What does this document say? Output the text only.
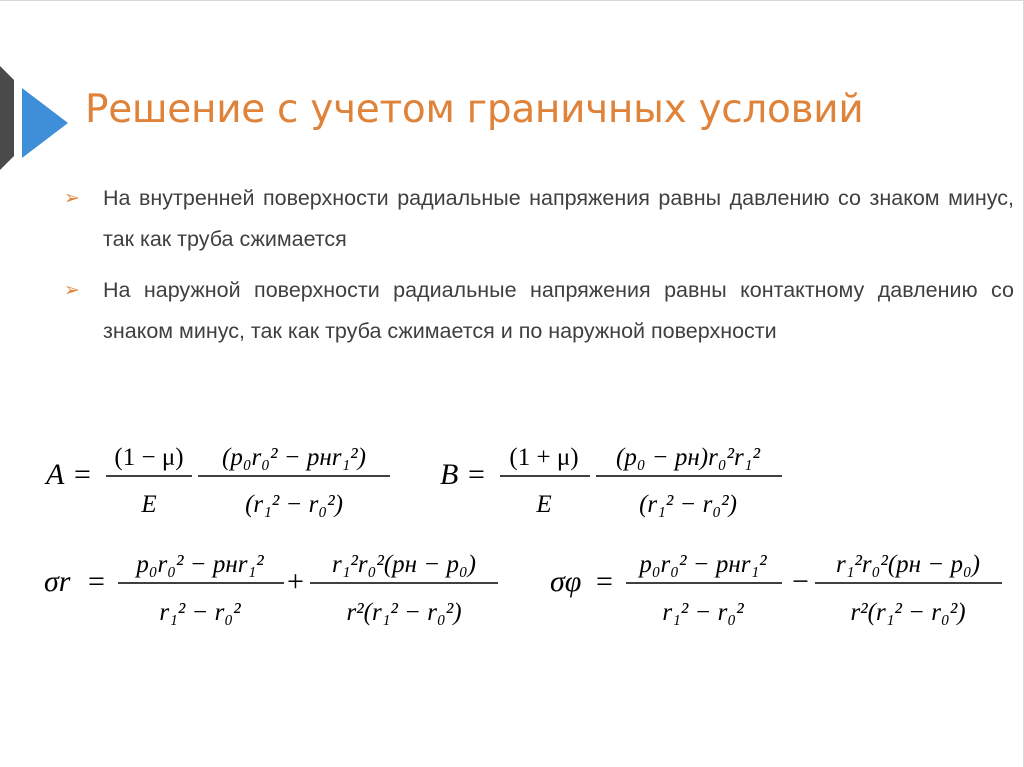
Решение с учетом граничных условий
➢ На внутренней поверхности радиальные напряжения равны давлению со знаком минус, так как труба сжимается
➢ На наружной поверхности радиальные напряжения равны контактному давлению со знаком минус, так как труба сжимается и по наружной поверхности
A =
(1 − μ)
E
(p₀r₀² − pнr₁²)
(r₁² − r₀²)
B =
(1 + μ)
E
(p₀ − pн)r₀²r₁²
(r₁² − r₀²)
σr =
p₀r₀² − pнr₁²
r₁² − r₀²
+
r₁²r₀²(pн − p₀)
r²(r₁² − r₀²)
σφ =
p₀r₀² − pнr₁²
r₁² − r₀²
−
r₁²r₀²(pн − p₀)
r²(r₁² − r₀²)
